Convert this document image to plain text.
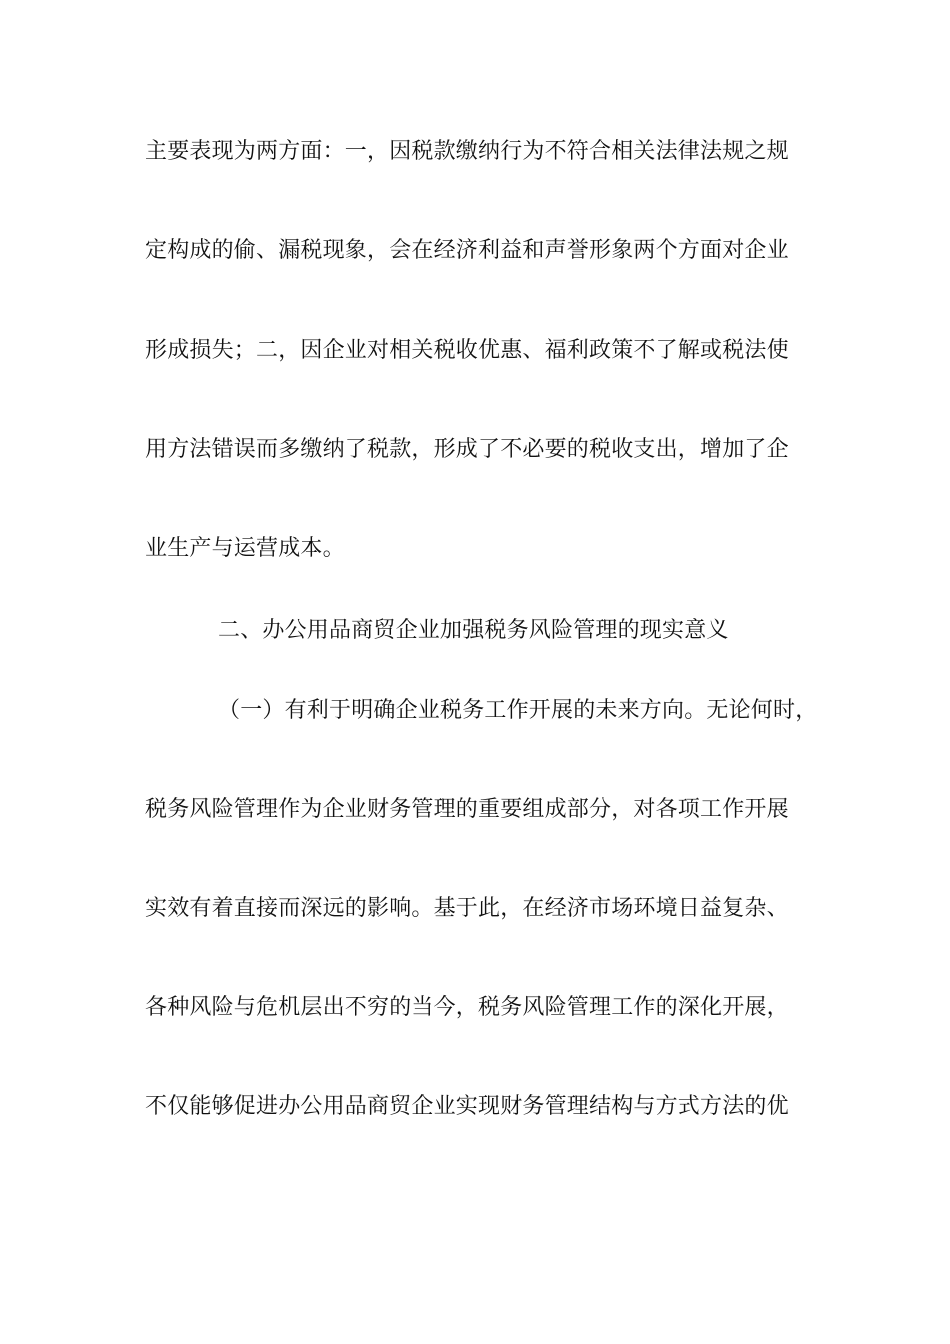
主要表现为两方面：一，因税款缴纳行为不符合相关法律法规之规
定构成的偷、漏税现象，会在经济利益和声誉形象两个方面对企业
形成损失；二，因企业对相关税收优惠、福利政策不了解或税法使
用方法错误而多缴纳了税款，形成了不必要的税收支出，增加了企
业生产与运营成本。
二、办公用品商贸企业加强税务风险管理的现实意义
（一）有利于明确企业税务工作开展的未来方向。无论何时，
税务风险管理作为企业财务管理的重要组成部分，对各项工作开展
实效有着直接而深远的影响。基于此，在经济市场环境日益复杂、
各种风险与危机层出不穷的当今，税务风险管理工作的深化开展，
不仅能够促进办公用品商贸企业实现财务管理结构与方式方法的优
